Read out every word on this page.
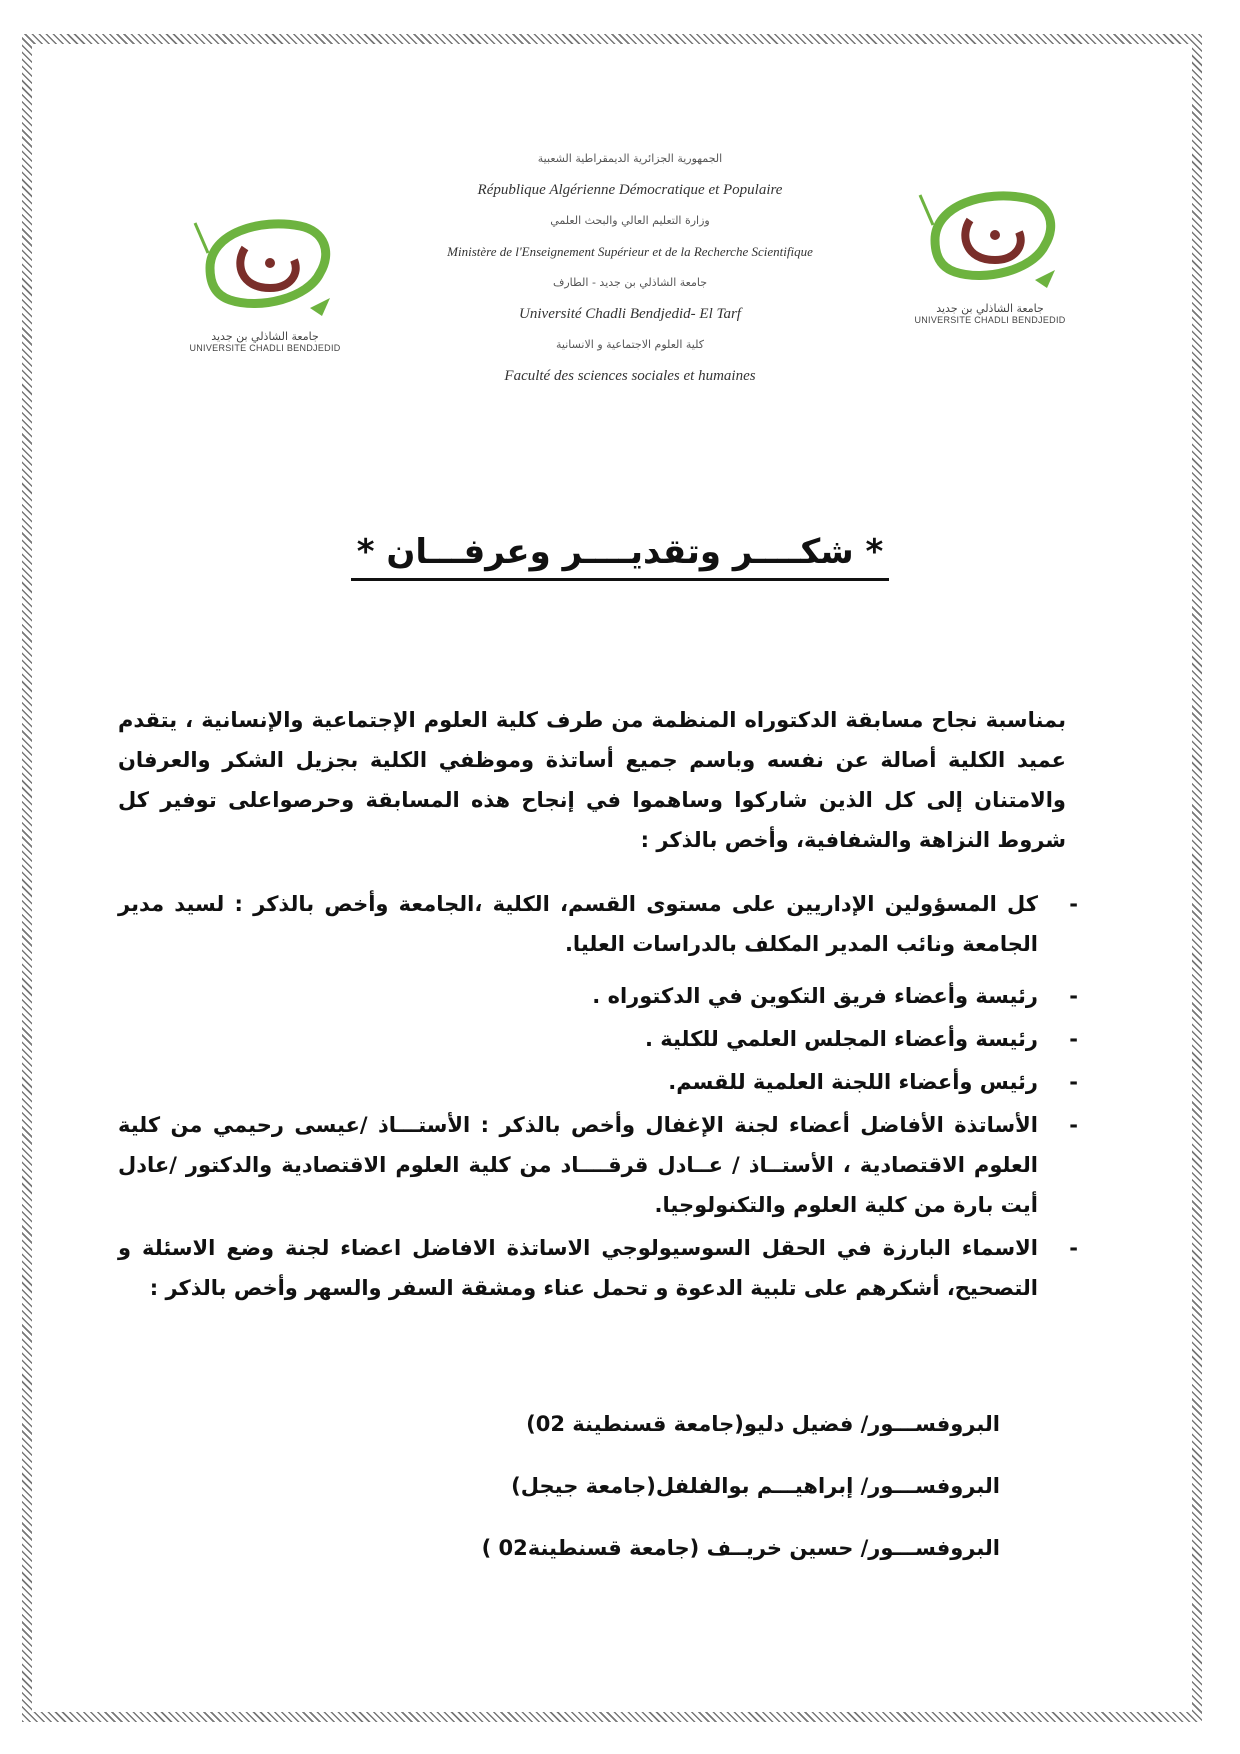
جامعة الشاذلي بن جديد
UNIVERSITE CHADLI BENDJEDID
جامعة الشاذلي بن جديد
UNIVERSITE CHADLI BENDJEDID
الجمهورية الجزائرية الديمقراطية الشعبية
République Algérienne Démocratique et Populaire
وزارة التعليم العالي والبحث العلمي
Ministère de l'Enseignement Supérieur et de la Recherche Scientifique
جامعة الشاذلي بن جديد - الطارف
Université Chadli Bendjedid- El Tarf
كلية العلوم الاجتماعية و الانسانية
Faculté des sciences sociales et humaines
* شكــــر وتقديــــر وعرفـــان *

بمناسبة نجاح مسابقة الدكتوراه المنظمة من طرف كلية العلوم الإجتماعية والإنسانية ، يتقدم عميد الكلية أصالة عن نفسه وباسم جميع أساتذة وموظفي الكلية بجزيل الشكر والعرفان والامتنان إلى كل الذين شاركوا وساهموا في إنجاح هذه المسابقة وحرصواعلى توفير كل شروط النزاهة والشفافية، وأخص بالذكر :

- كل المسؤولين الإداريين على مستوى القسم، الكلية ،الجامعة وأخص بالذكر : لسيد مدير الجامعة ونائب المدير المكلف بالدراسات العليا.
- رئيسة وأعضاء فريق التكوين في الدكتوراه .
- رئيسة وأعضاء المجلس العلمي للكلية .
- رئيس وأعضاء اللجنة العلمية للقسم.
- الأساتذة الأفاضل أعضاء لجنة الإغفال وأخص بالذكر : الأستـــاذ /عيسى رحيمي من كلية العلوم الاقتصادية ، الأستــاذ / عــادل قرقــــاد من كلية العلوم الاقتصادية والدكتور /عادل أيت بارة من كلية العلوم والتكنولوجيا.
- الاسماء البارزة في الحقل السوسيولوجي الاساتذة الافاضل اعضاء لجنة وضع الاسئلة و التصحيح، أشكرهم على تلبية الدعوة و تحمل عناء ومشقة السفر والسهر وأخص بالذكر :
البروفســـور/ فضيل دليو(جامعة قسنطينة 02)
البروفســـور/ إبراهيـــم بوالفلفل(جامعة جيجل)
البروفســـور/ حسين خريــف (جامعة قسنطينة02 )
